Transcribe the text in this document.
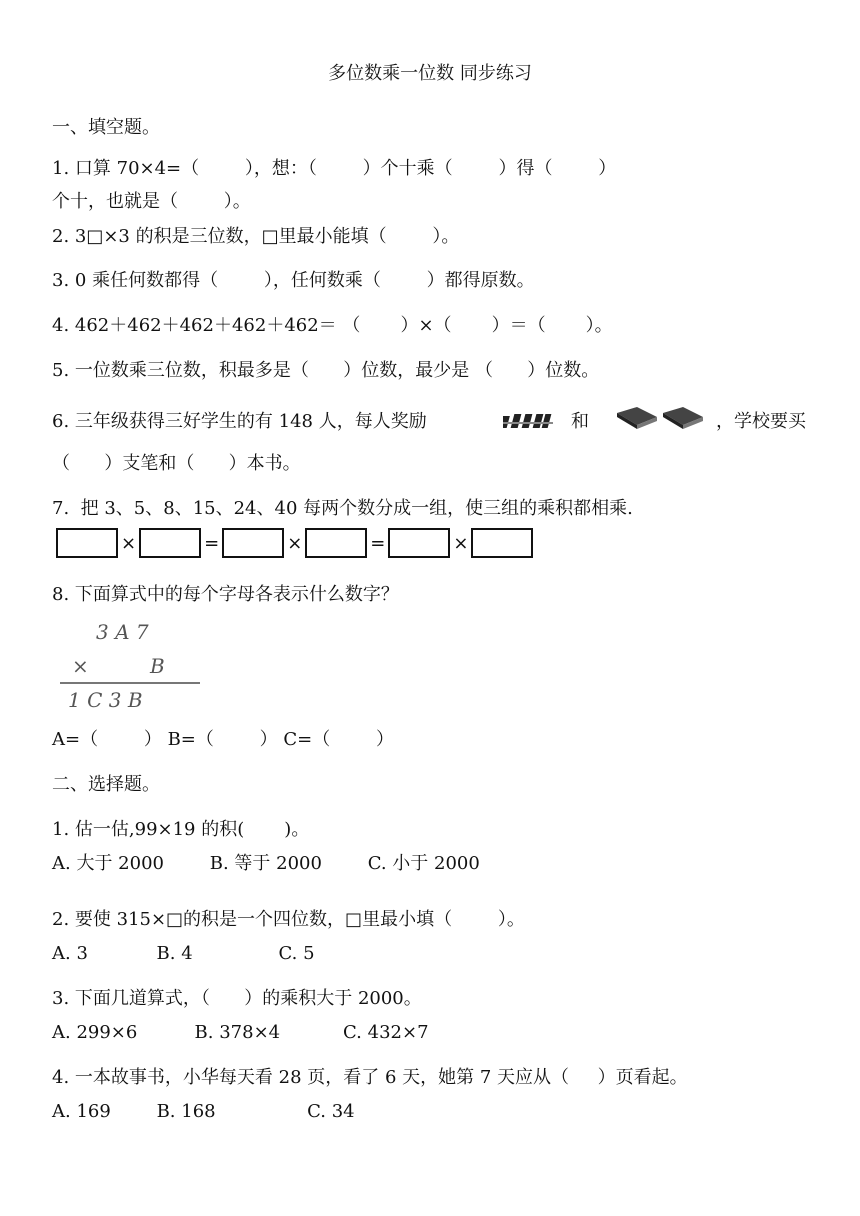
多位数乘一位数 同步练习
一、填空题。
1. 口算 70×4=（        ），想：（        ）个十乘（        ）得（        ）
个十，也就是（        ）。
2. 3□×3 的积是三位数，□里最小能填（        ）。
3. 0 乘任何数都得（        ），任何数乘（        ）都得原数。
4. 462＋462＋462＋462＋462＝ （       ）×（       ）＝（       ）。
5. 一位数乘三位数，积最多是（      ）位数，最少是 （      ）位数。
6. 三年级获得三好学生的有 148 人，每人奖励	和	，学校要买
（      ）支笔和（      ）本书。
7.  把 3、5、8、15、24、40 每两个数分成一组，使三组的乘积都相乘.
×	=	×	=	×
8. 下面算式中的每个字母各表示什么数字？
3 A 7
×	B
1 C 3 B
A=（        ） B=（        ） C=（        ）
二、选择题。
1. 估一估,99×19 的积(       )。
A. 大于 2000        B. 等于 2000        C. 小于 2000
2. 要使 315×□的积是一个四位数，□里最小填（        ）。
A. 3            B. 4               C. 5
3. 下面几道算式，（      ）的乘积大于 2000。
A. 299×6          B. 378×4           C. 432×7
4. 一本故事书，小华每天看 28 页，看了 6 天，她第 7 天应从（     ）页看起。
A. 169        B. 168                C. 34
